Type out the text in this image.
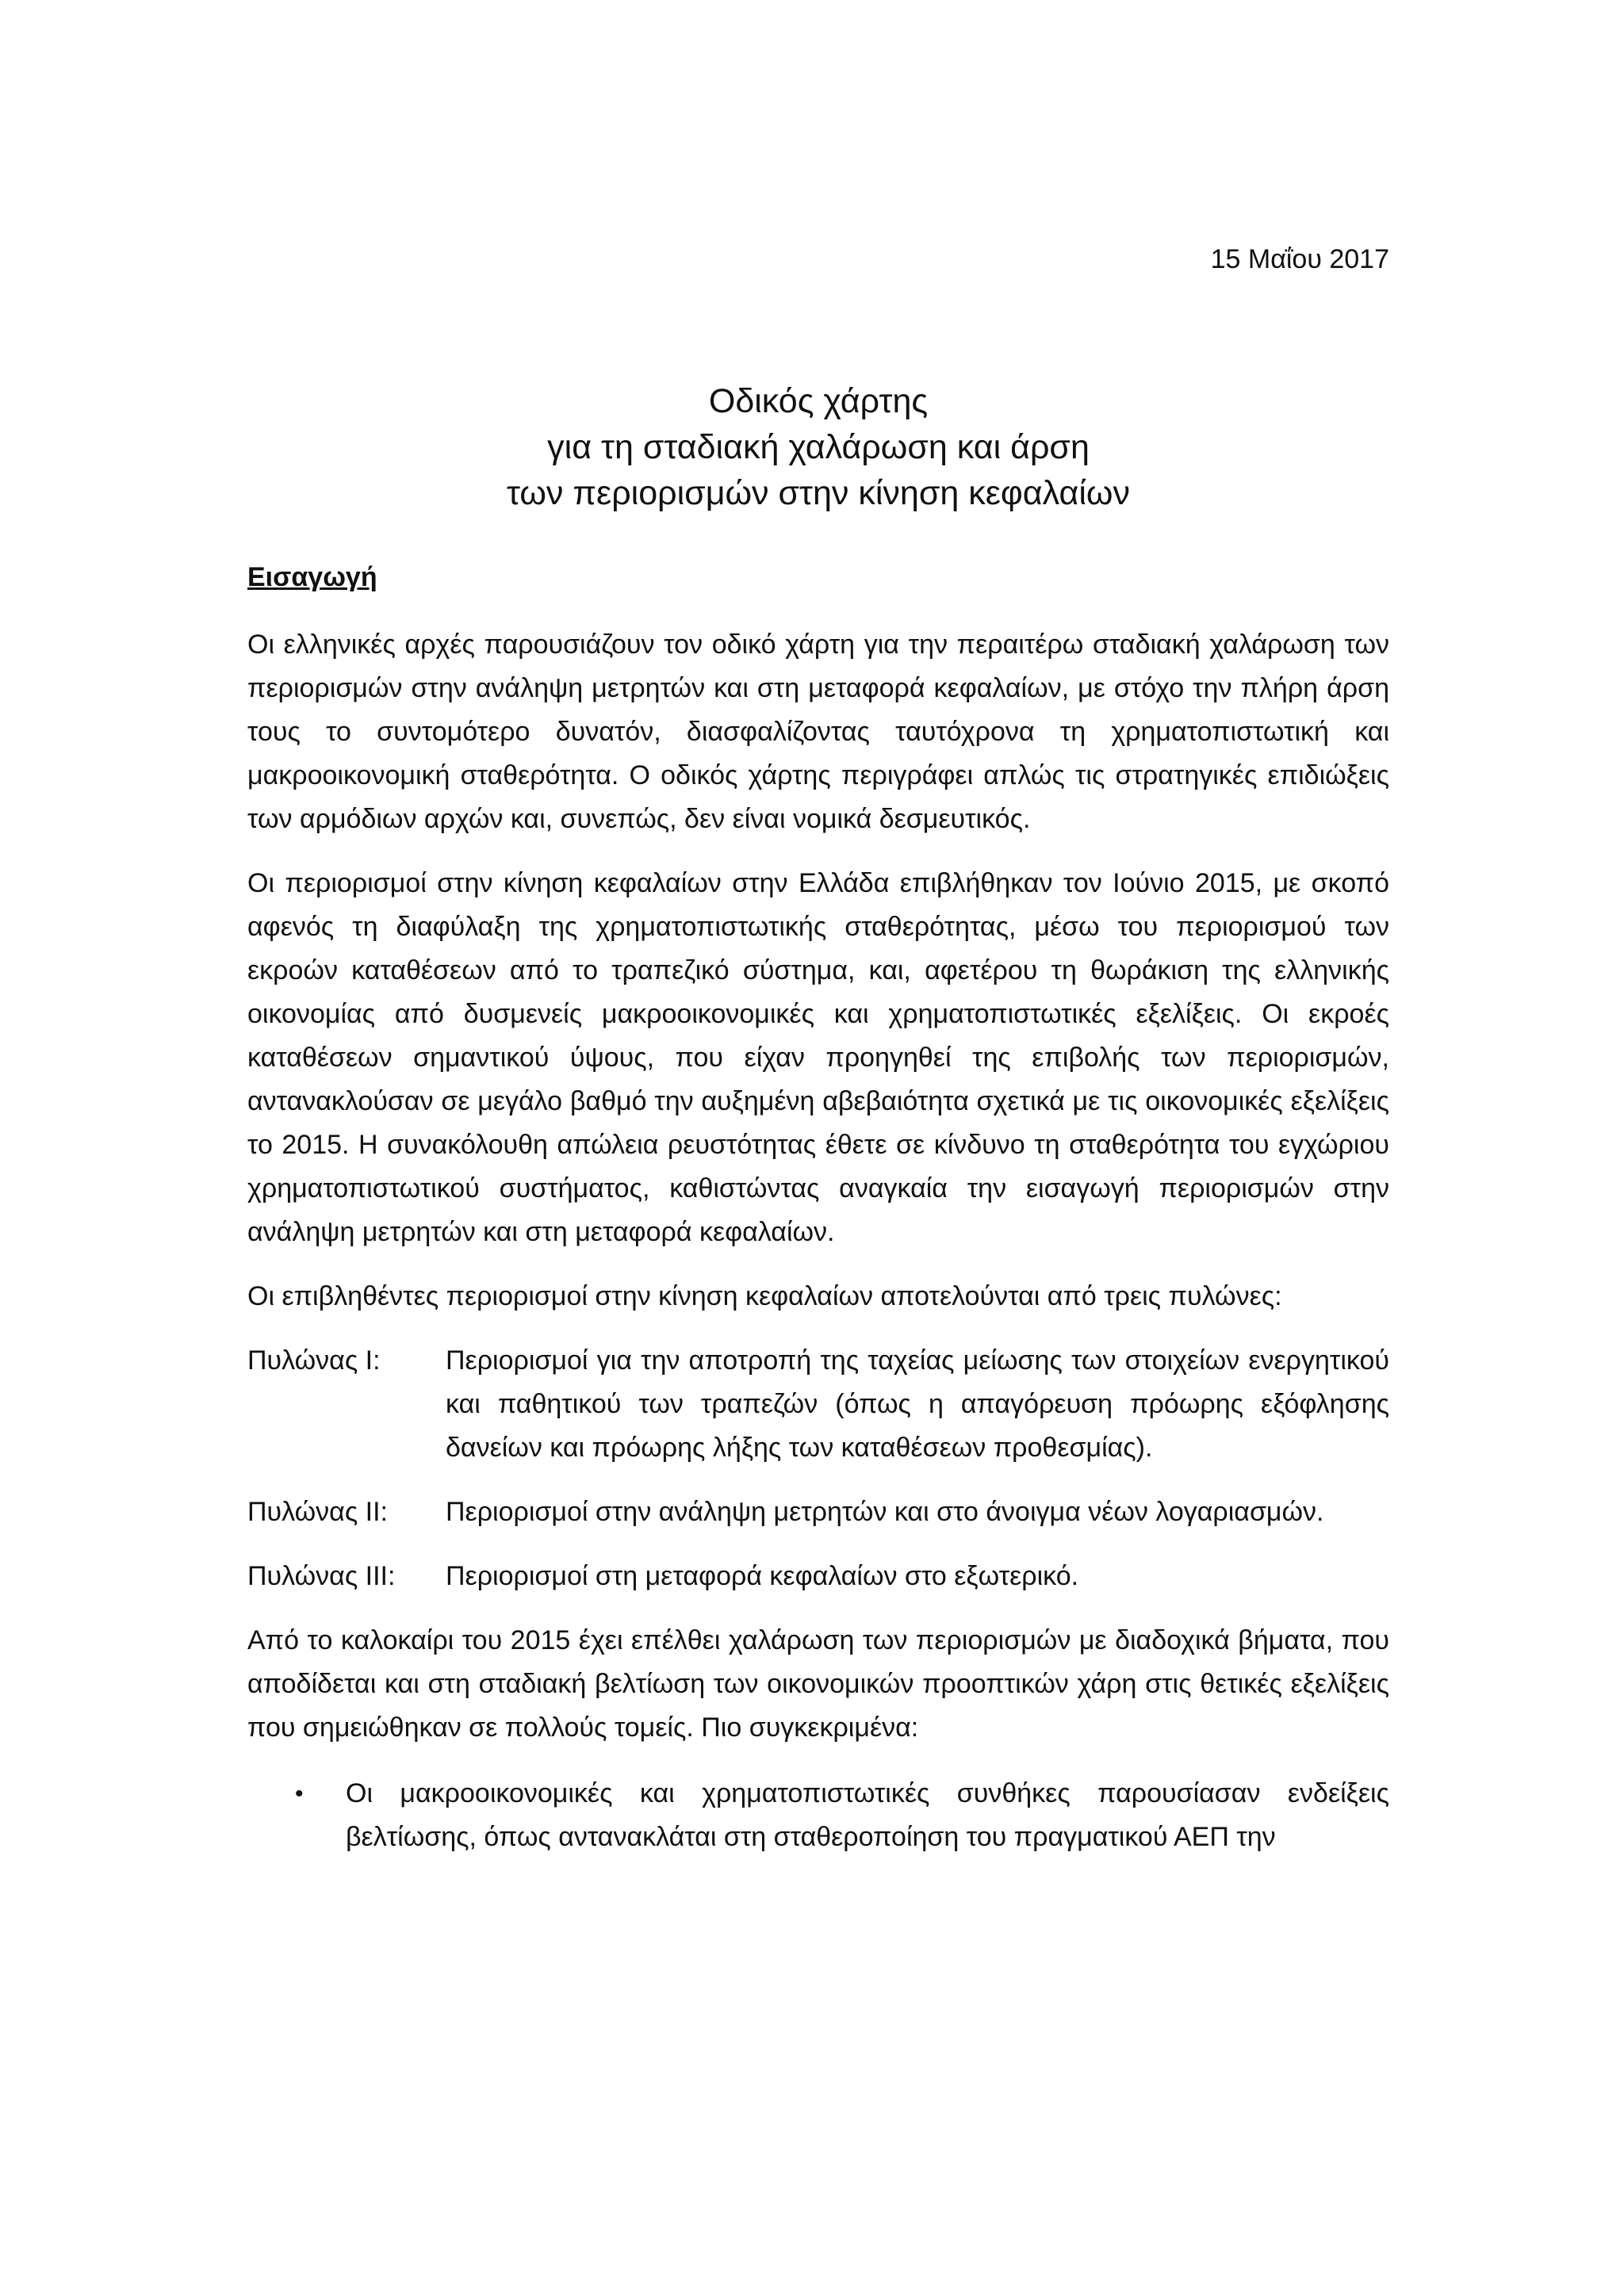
15 Μαΐου 2017

Οδικός χάρτης
για τη σταδιακή χαλάρωση και άρση
των περιορισμών στην κίνηση κεφαλαίων
Εισαγωγή

Οι ελληνικές αρχές παρουσιάζουν τον οδικό χάρτη για την περαιτέρω σταδιακή χαλάρωση των περιορισμών στην ανάληψη μετρητών και στη μεταφορά κεφαλαίων, με στόχο την πλήρη άρση τους το συντομότερο δυνατόν, διασφαλίζοντας ταυτόχρονα τη χρηματοπιστωτική και μακροοικονομική σταθερότητα. Ο οδικός χάρτης περιγράφει απλώς τις στρατηγικές επιδιώξεις των αρμόδιων αρχών και, συνεπώς, δεν είναι νομικά δεσμευτικός.

Οι περιορισμοί στην κίνηση κεφαλαίων στην Ελλάδα επιβλήθηκαν τον Ιούνιο 2015, με σκοπό αφενός τη διαφύλαξη της χρηματοπιστωτικής σταθερότητας, μέσω του περιορισμού των εκροών καταθέσεων από το τραπεζικό σύστημα, και, αφετέρου τη θωράκιση της ελληνικής οικονομίας από δυσμενείς μακροοικονομικές και χρηματοπιστωτικές εξελίξεις. Οι εκροές καταθέσεων σημαντικού ύψους, που είχαν προηγηθεί της επιβολής των περιορισμών, αντανακλούσαν σε μεγάλο βαθμό την αυξημένη αβεβαιότητα σχετικά με τις οικονομικές εξελίξεις το 2015. Η συνακόλουθη απώλεια ρευστότητας έθετε σε κίνδυνο τη σταθερότητα του εγχώριου χρηματοπιστωτικού συστήματος, καθιστώντας αναγκαία την εισαγωγή περιορισμών στην ανάληψη μετρητών και στη μεταφορά κεφαλαίων.

Οι επιβληθέντες περιορισμοί στην κίνηση κεφαλαίων αποτελούνται από τρεις πυλώνες:

Πυλώνας I:	Περιορισμοί για την αποτροπή της ταχείας μείωσης των στοιχείων ενεργητικού και παθητικού των τραπεζών (όπως η απαγόρευση πρόωρης εξόφλησης δανείων και πρόωρης λήξης των καταθέσεων προθεσμίας).
Πυλώνας II:	Περιορισμοί στην ανάληψη μετρητών και στο άνοιγμα νέων λογαριασμών.
Πυλώνας III:	Περιορισμοί στη μεταφορά κεφαλαίων στο εξωτερικό.

Από το καλοκαίρι του 2015 έχει επέλθει χαλάρωση των περιορισμών με διαδοχικά βήματα, που αποδίδεται και στη σταδιακή βελτίωση των οικονομικών προοπτικών χάρη στις θετικές εξελίξεις που σημειώθηκαν σε πολλούς τομείς. Πιο συγκεκριμένα:

•	Οι μακροοικονομικές και χρηματοπιστωτικές συνθήκες παρουσίασαν ενδείξεις βελτίωσης, όπως αντανακλάται στη σταθεροποίηση του πραγματικού ΑΕΠ την
